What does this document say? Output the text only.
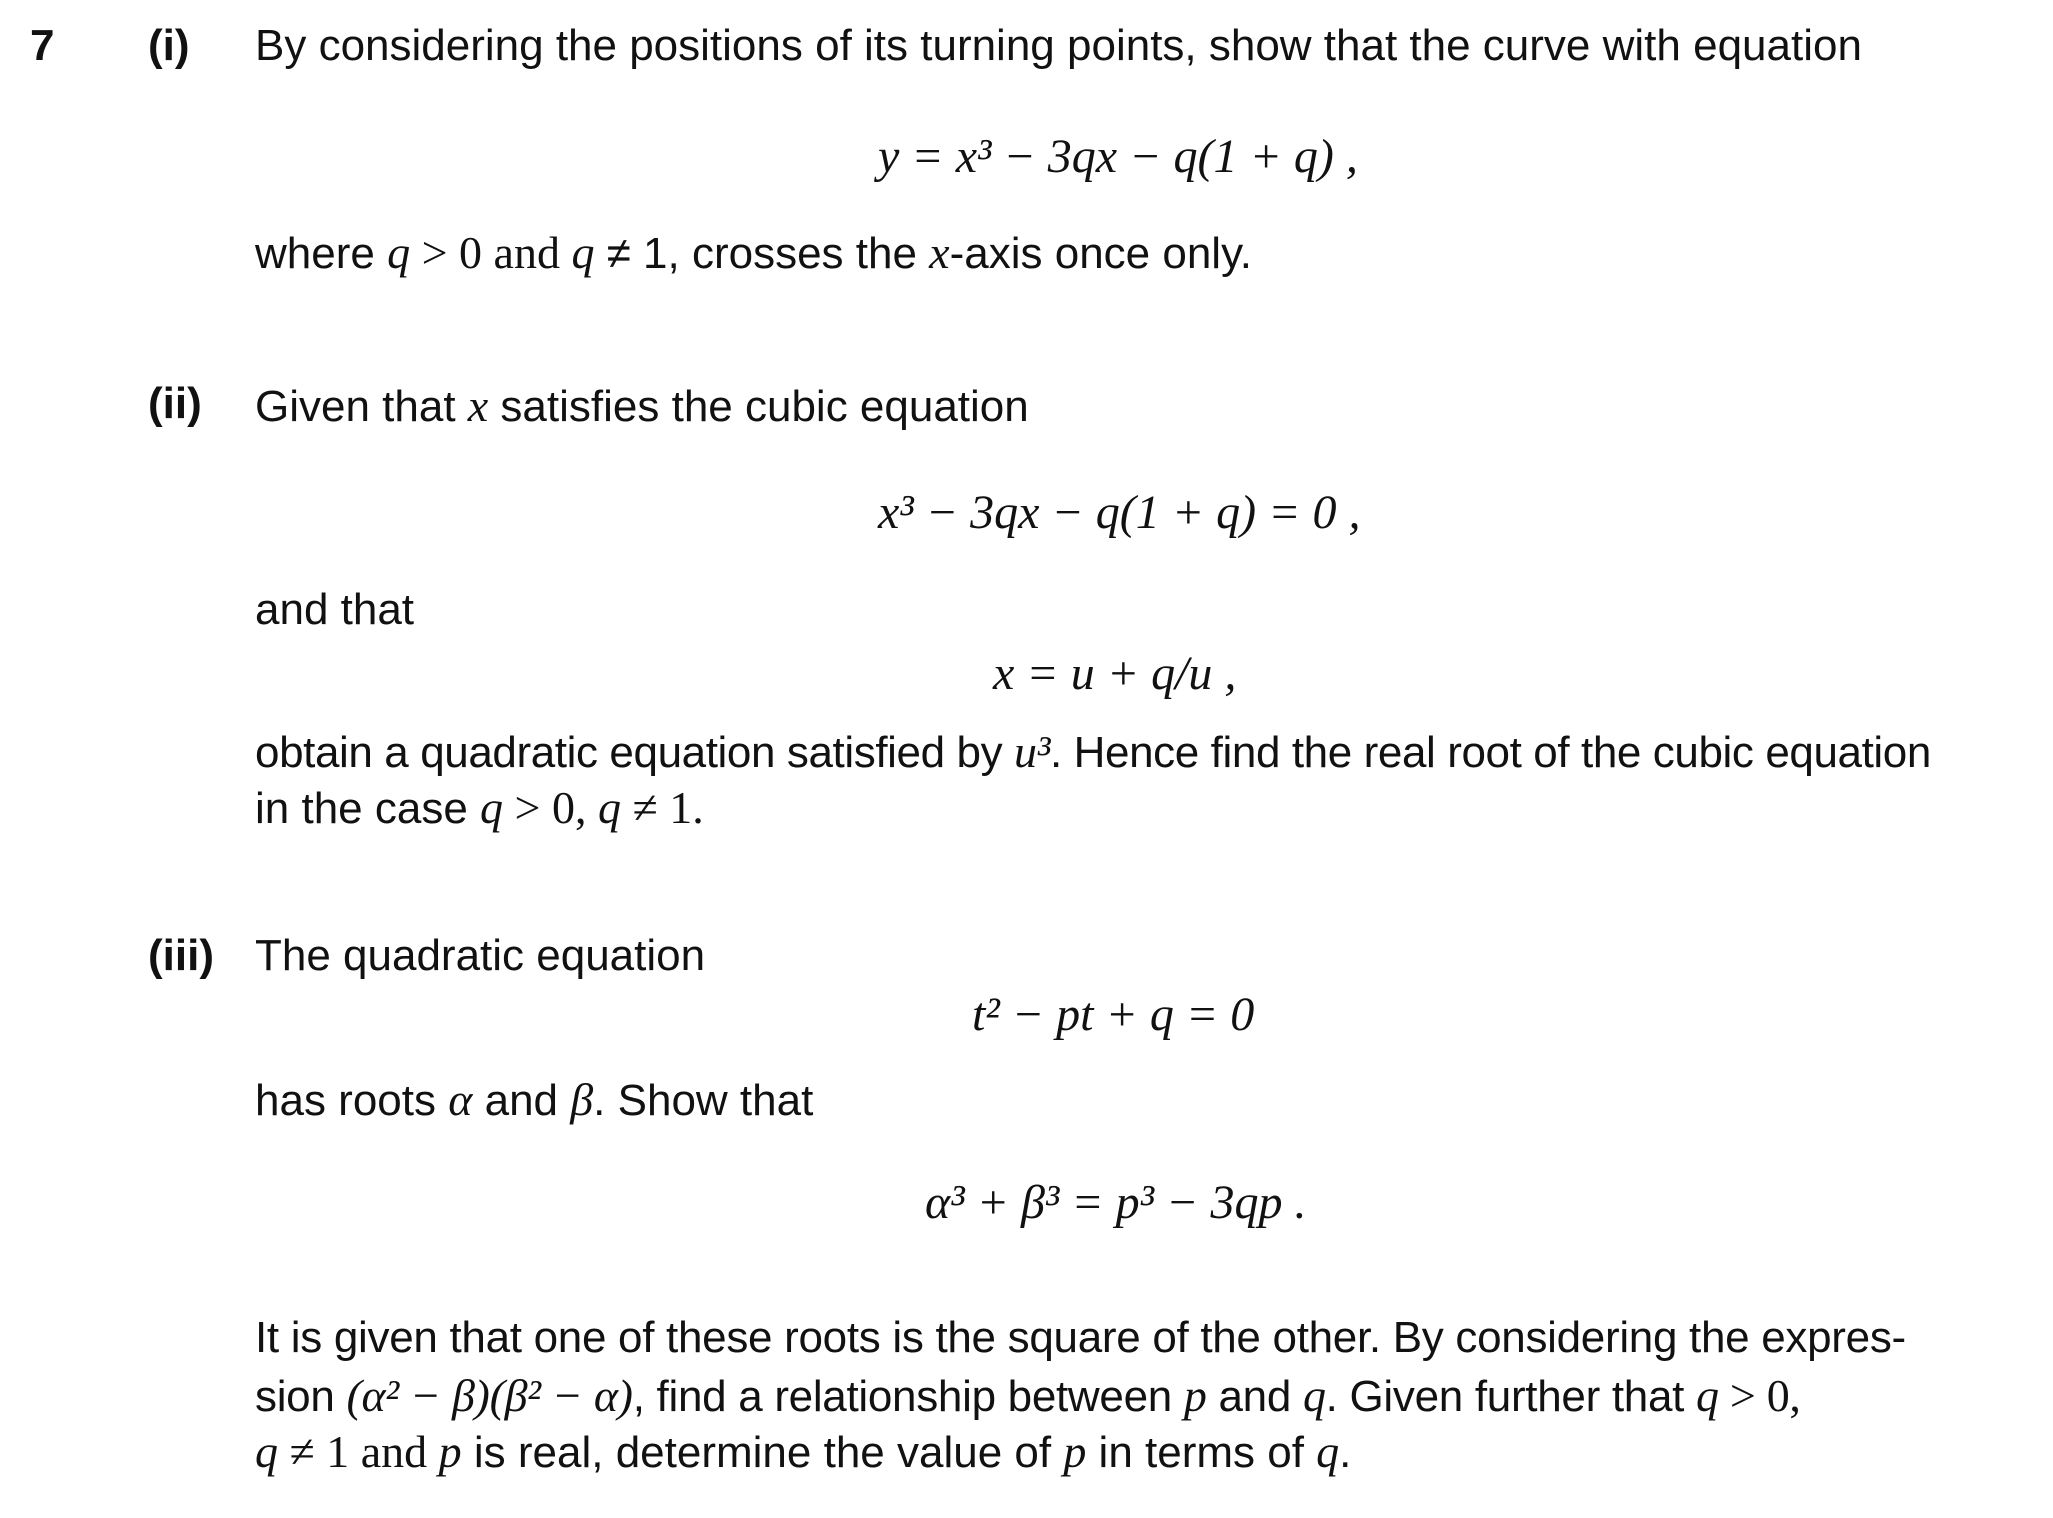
7 (i) By considering the positions of its turning points, show that the curve with equation
y = x³ − 3qx − q(1 + q) ,
where q > 0 and q ≠ 1, crosses the x-axis once only.
(ii) Given that x satisfies the cubic equation
x³ − 3qx − q(1 + q) = 0 ,
and that
x = u + q/u ,
obtain a quadratic equation satisfied by u³. Hence find the real root of the cubic equation
in the case q > 0, q ≠ 1.
(iii) The quadratic equation
t² − pt + q = 0
has roots α and β. Show that
α³ + β³ = p³ − 3qp .
It is given that one of these roots is the square of the other. By considering the expres-
sion (α² − β)(β² − α), find a relationship between p and q. Given further that q > 0,
q ≠ 1 and p is real, determine the value of p in terms of q.
